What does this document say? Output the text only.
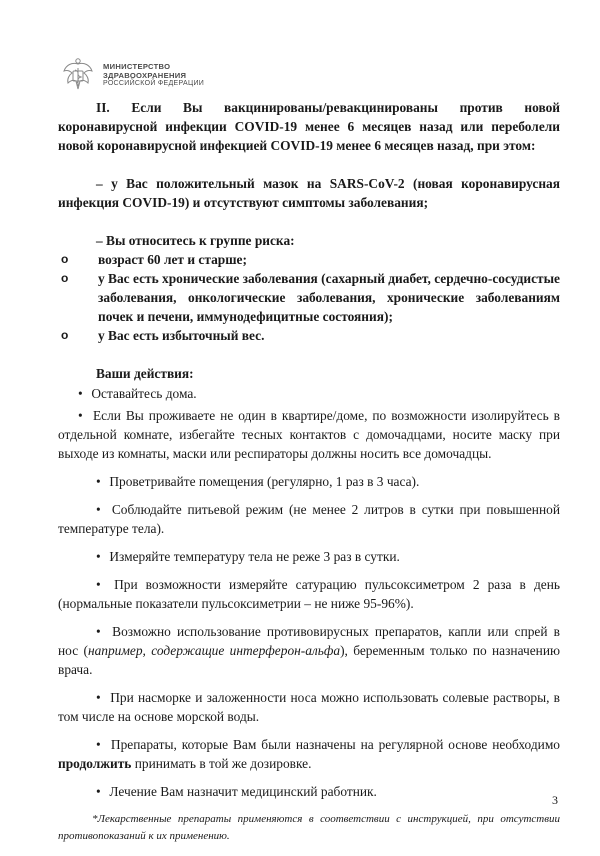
МИНИСТЕРСТВО
ЗДРАВООХРАНЕНИЯ
РОССИЙСКОЙ ФЕДЕРАЦИИ

II. Если Вы вакцинированы/ревакцинированы против новой коронавирусной инфекции COVID-19 менее 6 месяцев назад или переболели новой коронавирусной инфекцией COVID-19 менее 6 месяцев назад, при этом:

– у Вас положительный мазок на SARS-CoV-2 (новая коронавирусная инфекция COVID-19) и отсутствуют симптомы заболевания;

– Вы относитесь к группе риска:

o	возраст 60 лет и старше;
o	у Вас есть хронические заболевания (сахарный диабет, сердечно-сосудистые заболевания, онкологические заболевания, хронические заболеваниям почек и печени, иммунодефицитные состояния);
o	у Вас есть избыточный вес.

Ваши действия:

• Оставайтесь дома.

• Если Вы проживаете не один в квартире/доме, по возможности изолируйтесь в отдельной комнате, избегайте тесных контактов с домочадцами, носите маску при выходе из комнаты, маски или респираторы должны носить все домочадцы.

• Проветривайте помещения (регулярно, 1 раз в 3 часа).

• Соблюдайте питьевой режим (не менее 2 литров в сутки при повышенной температуре тела).

• Измеряйте температуру тела не реже 3 раз в сутки.

• При возможности измеряйте сатурацию пульсоксиметром 2 раза в день (нормальные показатели пульсоксиметрии – не ниже 95-96%).

• Возможно использование противовирусных препаратов, капли или спрей в нос (например, содержащие интерферон-альфа), беременным только по назначению врача.

• При насморке и заложенности носа можно использовать солевые растворы, в том числе на основе морской воды.

• Препараты, которые Вам были назначены на регулярной основе необходимо продолжить принимать в той же дозировке.

• Лечение Вам назначит медицинский работник.

*Лекарственные препараты применяются в соответствии с инструкцией, при отсутствии противопоказаний к их применению.

3
